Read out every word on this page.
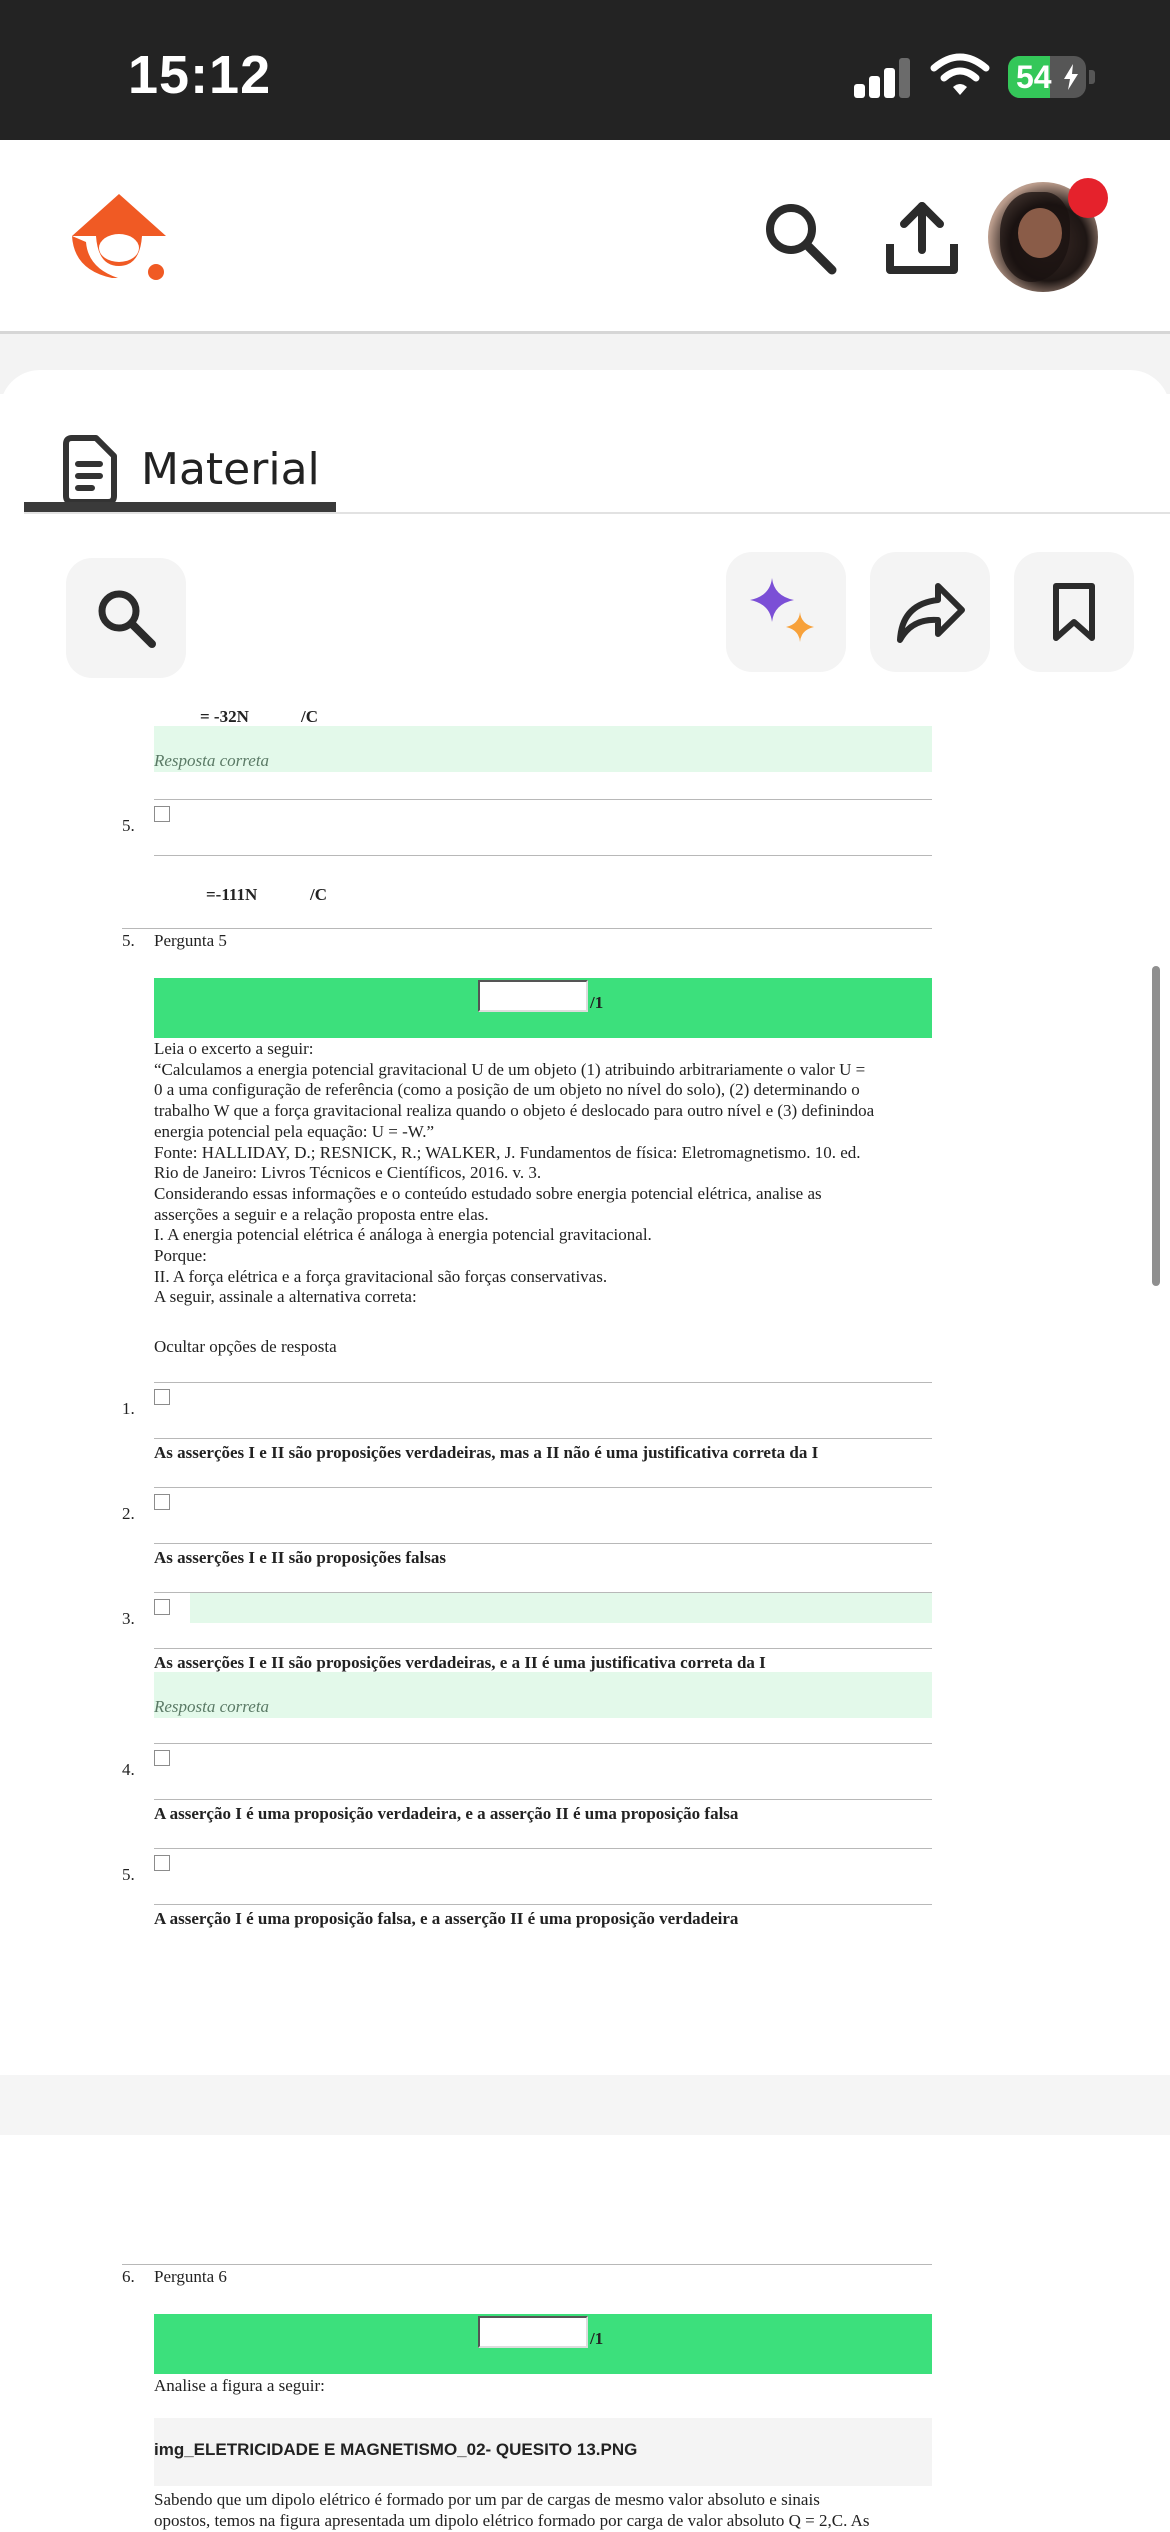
15:12	54
Material
= -32N	/C
Resposta correta
5.
=-111N	/C
5. Pergunta 5
/1
Leia o excerto a seguir:
“Calculamos a energia potencial gravitacional U de um objeto (1) atribuindo arbitrariamente o valor U =
0 a uma configuração de referência (como a posição de um objeto no nível do solo), (2) determinando o
trabalho W que a força gravitacional realiza quando o objeto é deslocado para outro nível e (3) definindoa
energia potencial pela equação: U = -W.”
Fonte: HALLIDAY, D.; RESNICK, R.; WALKER, J. Fundamentos de física: Eletromagnetismo. 10. ed.
Rio de Janeiro: Livros Técnicos e Científicos, 2016. v. 3.
Considerando essas informações e o conteúdo estudado sobre energia potencial elétrica, analise as
asserções a seguir e a relação proposta entre elas.
I. A energia potencial elétrica é análoga à energia potencial gravitacional.
Porque:
II. A força elétrica e a força gravitacional são forças conservativas.
A seguir, assinale a alternativa correta:
Ocultar opções de resposta
1.
As asserções I e II são proposições verdadeiras, mas a II não é uma justificativa correta da I
2.
As asserções I e II são proposições falsas
3.
As asserções I e II são proposições verdadeiras, e a II é uma justificativa correta da I
Resposta correta
4.
A asserção I é uma proposição verdadeira, e a asserção II é uma proposição falsa
5.
A asserção I é uma proposição falsa, e a asserção II é uma proposição verdadeira
6. Pergunta 6
/1
Analise a figura a seguir:
img_ELETRICIDADE E MAGNETISMO_02- QUESITO 13.PNG
Sabendo que um dipolo elétrico é formado por um par de cargas de mesmo valor absoluto e sinais
opostos, temos na figura apresentada um dipolo elétrico formado por carga de valor absoluto Q = 2,C. As
